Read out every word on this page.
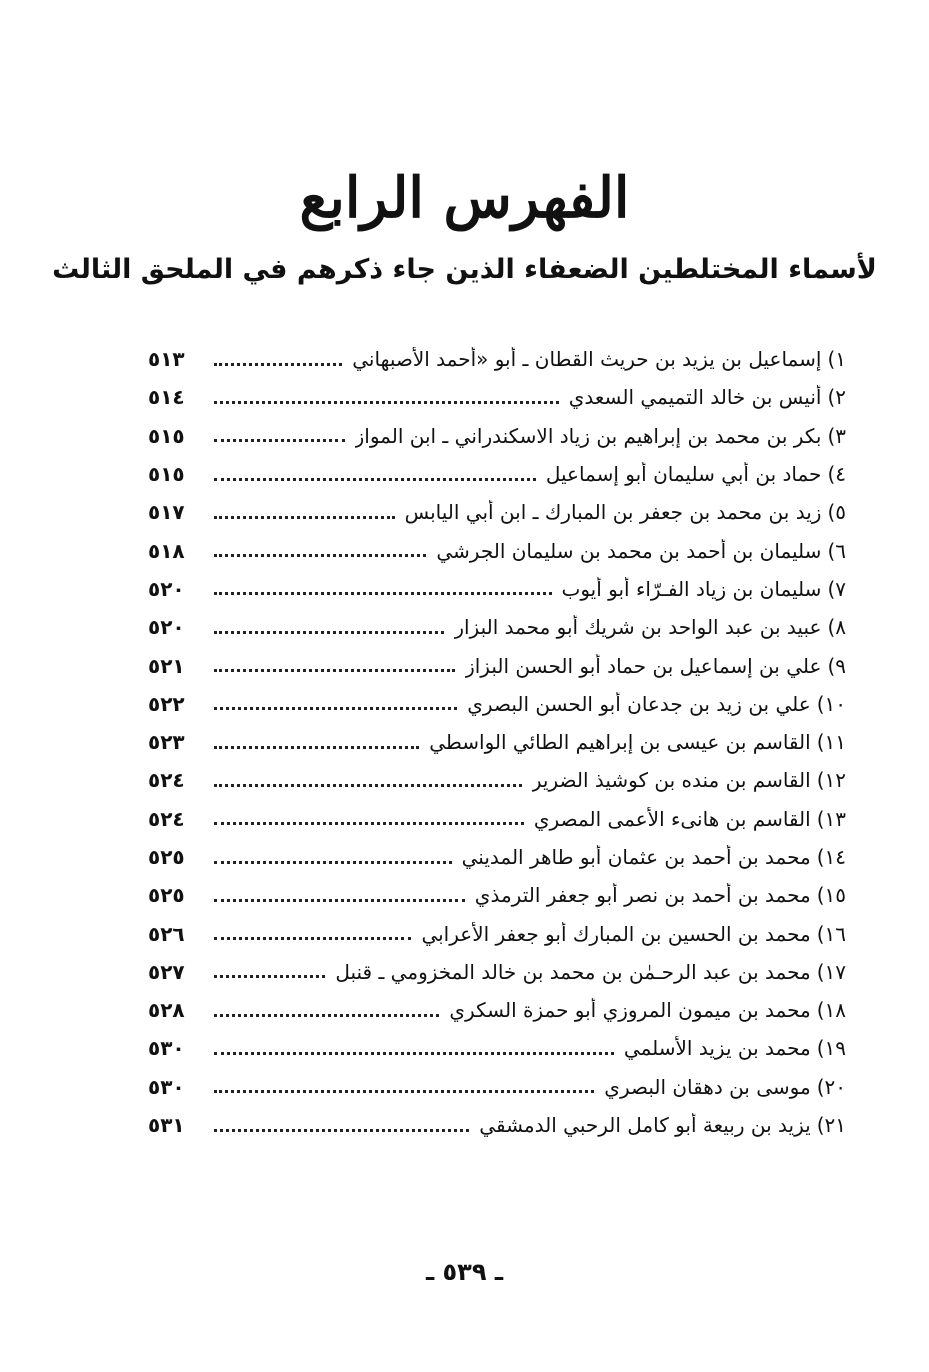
الفهرس الرابع
لأسماء المختلطين الضعفاء الذين جاء ذكرهم في الملحق الثالث
١)
إسماعيل بن يزيد بن حريث القطان ـ أبو «أحمد الأصبهاني
٥١٣
٢)
أنيس بن خالد التميمي السعدي
٥١٤
٣)
بكر بن محمد بن إبراهيم بن زياد الاسكندراني ـ ابن المواز
٥١٥
٤)
حماد بن أبي سليمان أبو إسماعيل
٥١٥
٥)
زيد بن محمد بن جعفر بن المبارك ـ ابن أبي اليابس
٥١٧
٦)
سليمان بن أحمد بن محمد بن سليمان الجرشي
٥١٨
٧)
سليمان بن زياد الفـرّاء أبو أيوب
٥٢٠
٨)
عبيد بن عبد الواحد بن شريك أبو محمد البزار
٥٢٠
٩)
علي بن إسماعيل بن حماد أبو الحسن البزاز
٥٢١
١٠)
علي بن زيد بن جدعان أبو الحسن البصري
٥٢٢
١١)
القاسم بن عيسى بن إبراهيم الطائي الواسطي
٥٢٣
١٢)
القاسم بن منده بن كوشيذ الضرير
٥٢٤
١٣)
القاسم بن هانىء الأعمى المصري
٥٢٤
١٤)
محمد بن أحمد بن عثمان أبو طاهر المديني
٥٢٥
١٥)
محمد بن أحمد بن نصر أبو جعفر الترمذي
٥٢٥
١٦)
محمد بن الحسين بن المبارك أبو جعفر الأعرابي
٥٢٦
١٧)
محمد بن عبد الرحـمٰن بن محمد بن خالد المخزومي ـ قنبل
٥٢٧
١٨)
محمد بن ميمون المروزي أبو حمزة السكري
٥٢٨
١٩)
محمد بن يزيد الأسلمي
٥٣٠
٢٠)
موسى بن دهقان البصري
٥٣٠
٢١)
يزيد بن ربيعة أبو كامل الرحبي الدمشقي
٥٣١
ـ ٥٣٩ ـ
